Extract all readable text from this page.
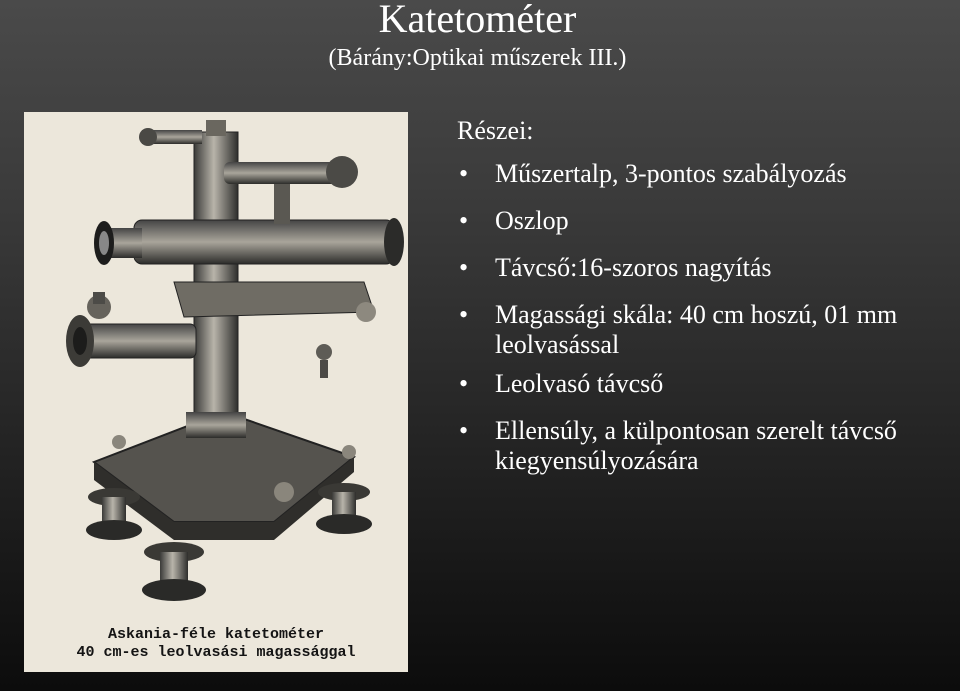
Katetométer
(Bárány:Optikai műszerek III.)
Askania-féle katetométer
40 cm-es leolvasási magassággal
Részei:
• Műszertalp, 3-pontos szabályozás
• Oszlop
• Távcső:16-szoros nagyítás
• Magassági skála: 40 cm hoszú, 01 mm leolvasással
• Leolvasó távcső
• Ellensúly, a külpontosan szerelt távcső kiegyensúlyozására
